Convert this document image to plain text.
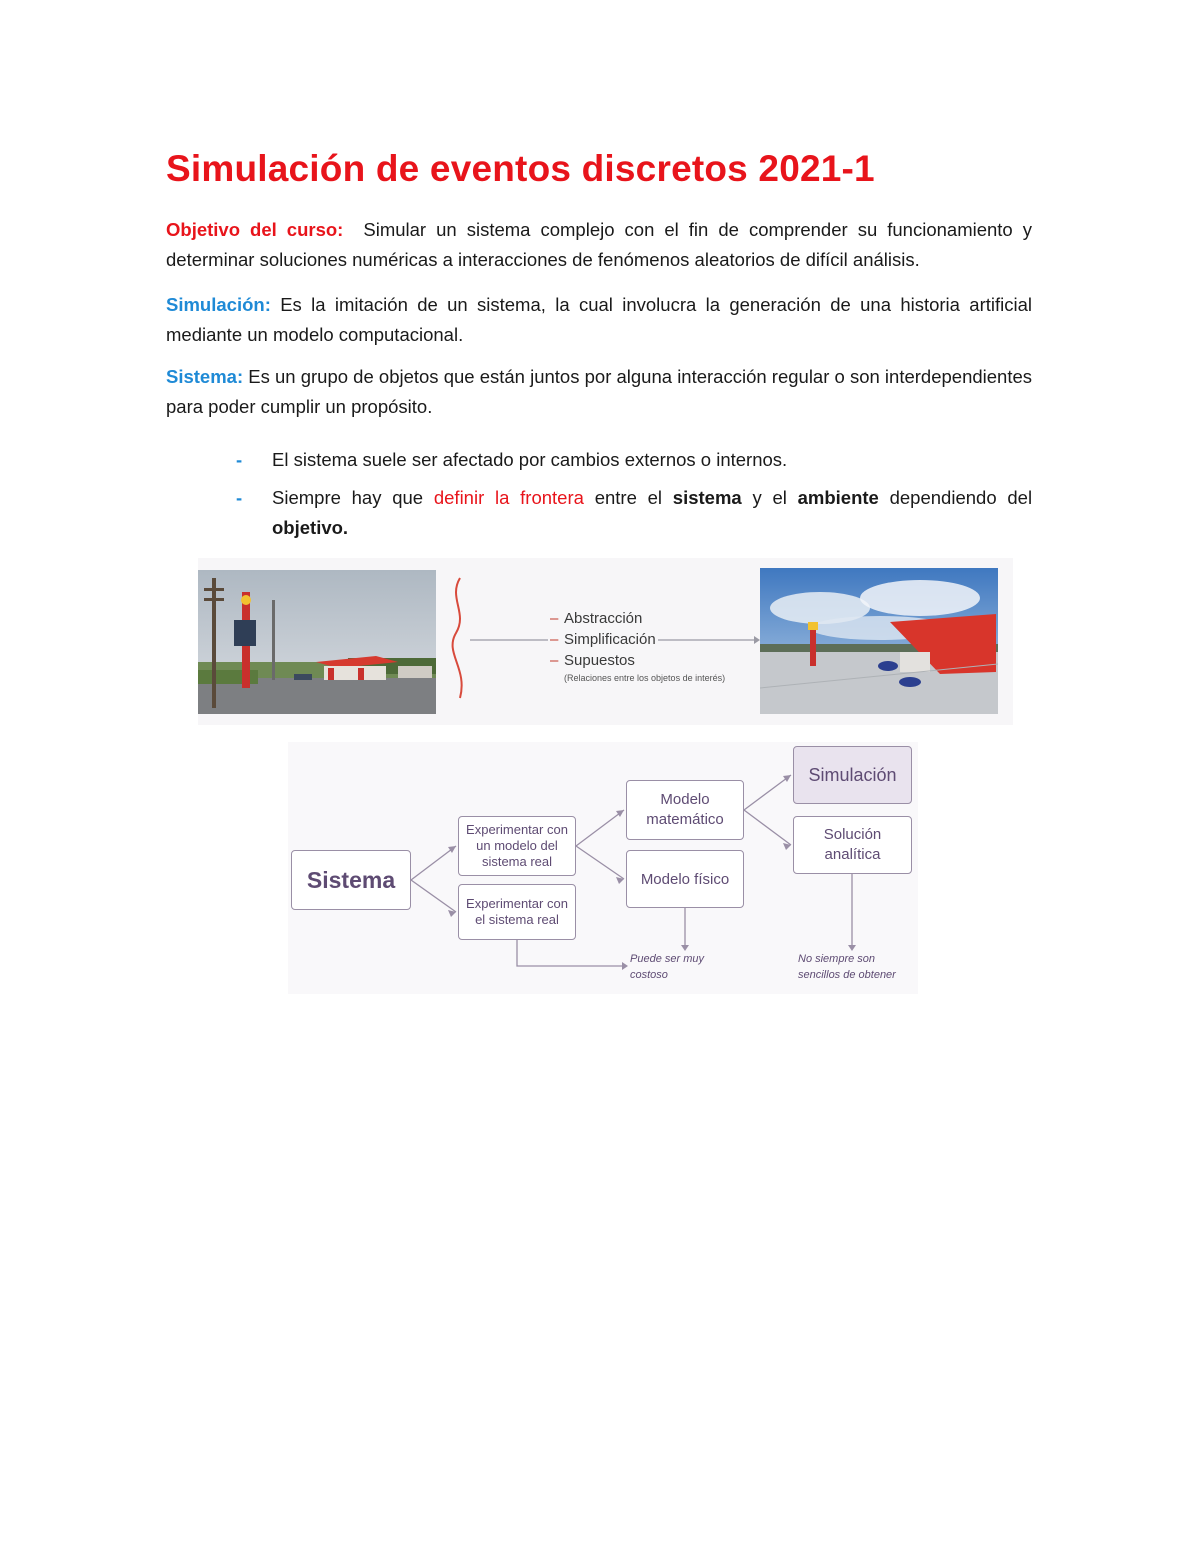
Simulación de eventos discretos 2021-1

Objetivo del curso: Simular un sistema complejo con el fin de comprender su funcionamiento y determinar soluciones numéricas a interacciones de fenómenos aleatorios de difícil análisis.

Simulación: Es la imitación de un sistema, la cual involucra la generación de una historia artificial mediante un modelo computacional.

Sistema: Es un grupo de objetos que están juntos por alguna interacción regular o son interdependientes para poder cumplir un propósito.

- El sistema suele ser afectado por cambios externos o internos.
- Siempre hay que definir la frontera entre el sistema y el ambiente dependiendo del objetivo.
– Abstracción
– Simplificación
– Supuestos
(Relaciones entre los objetos de interés)
Sistema
Experimentar con
un modelo del
sistema real
Experimentar con
el sistema real
Modelo
matemático
Modelo físico
Simulación
Solución
analítica
Puede ser muy
costoso
No siempre son
sencillos de obtener
